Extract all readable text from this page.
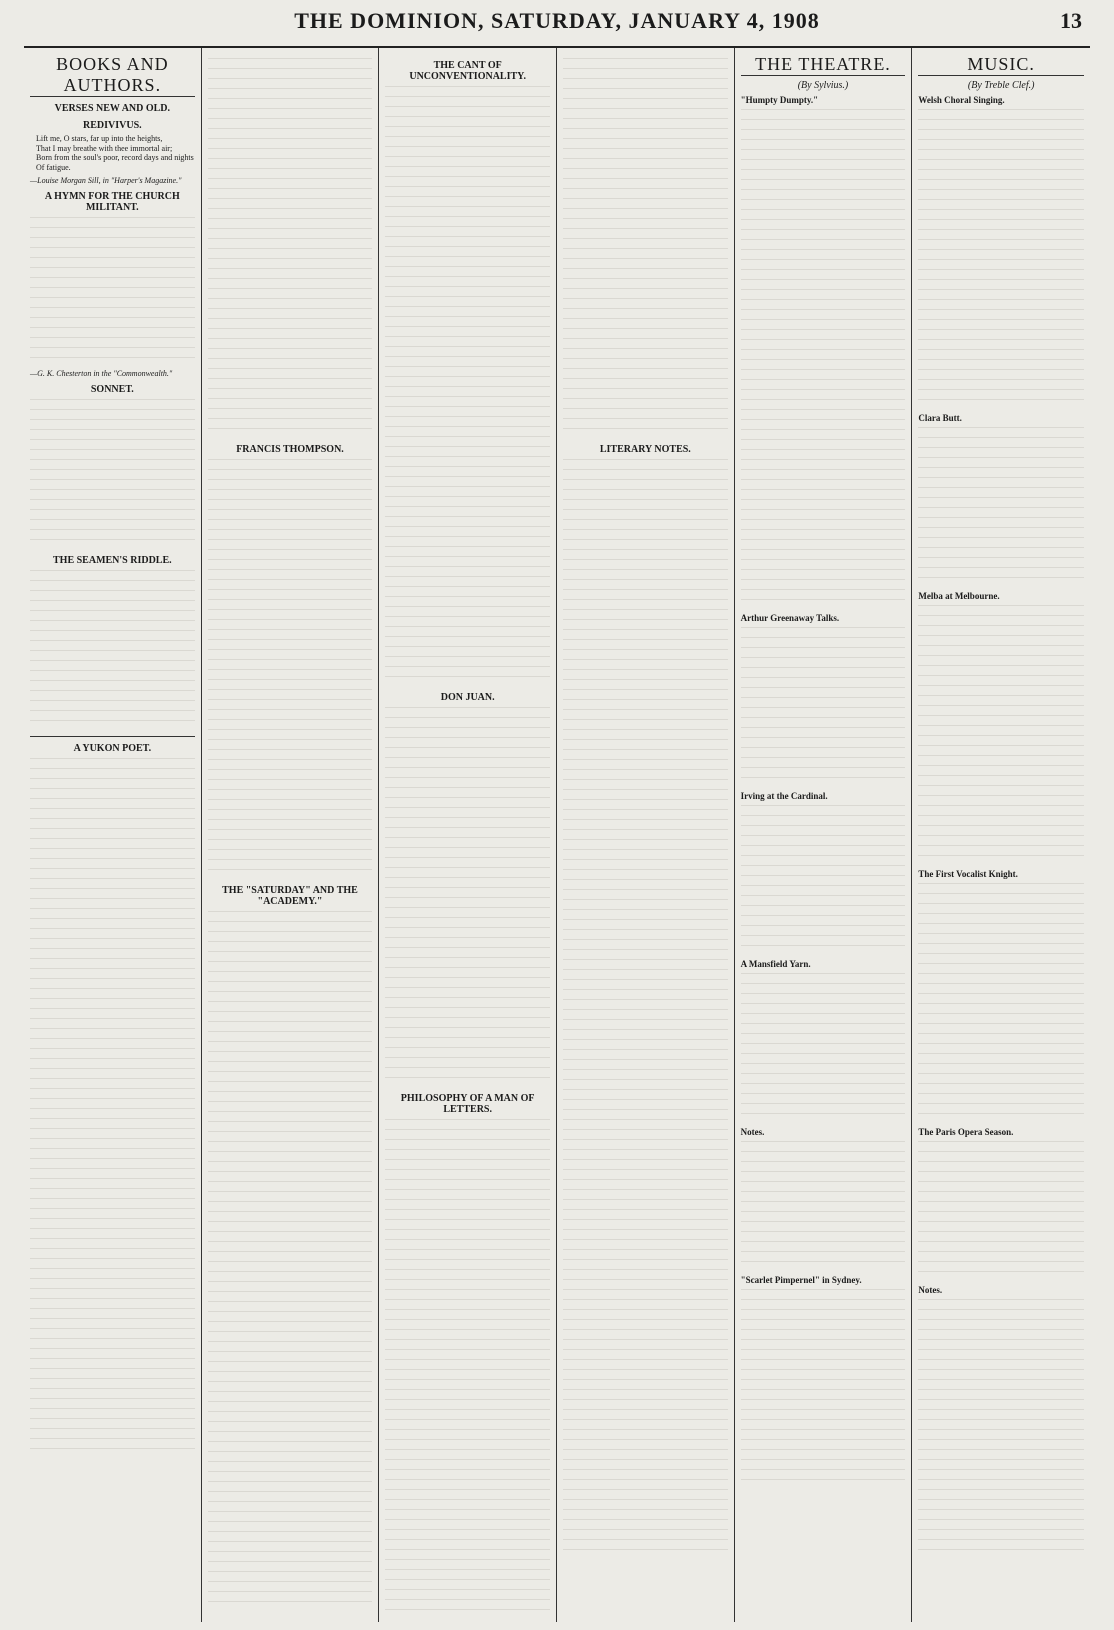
THE DOMINION, SATURDAY, JANUARY 4, 1908	13
BOOKS AND AUTHORS.
VERSES NEW AND OLD.
REDIVIVUS.
Lift me, O stars, far up into the heights,
That I may breathe with thee immortal air;
Born from the soul's poor, record days and nights
Of fatigue.
—Louise Morgan Sill, in "Harper's Magazine."
A HYMN FOR THE CHURCH MILITANT.
—G. K. Chesterton in the "Commonwealth."
SONNET.
THE SEAMEN'S RIDDLE.
A YUKON POET.
FRANCIS THOMPSON.
THE "SATURDAY" AND THE "ACADEMY."
THE CANT OF UNCONVENTIONALITY.
DON JUAN.
PHILOSOPHY OF A MAN OF LETTERS.
LITERARY NOTES.
THE THEATRE.
(By Sylvius.)
"Humpty Dumpty."
Arthur Greenaway Talks.
Irving at the Cardinal.
A Mansfield Yarn.
Notes.
"Scarlet Pimpernel" in Sydney.
MUSIC.
(By Treble Clef.)
Welsh Choral Singing.
Clara Butt.
Melba at Melbourne.
The First Vocalist Knight.
The Paris Opera Season.
Notes.
